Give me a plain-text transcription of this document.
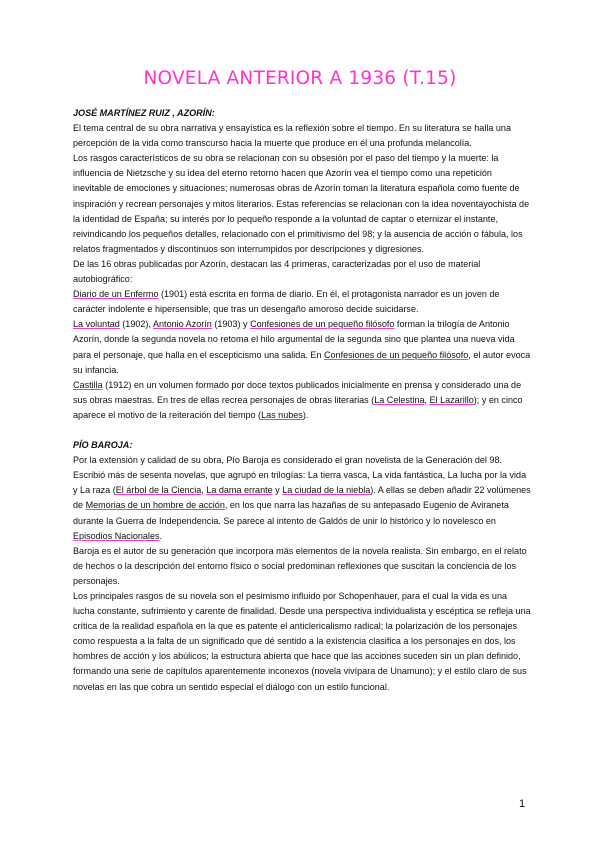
NOVELA ANTERIOR A 1936 (T.15)

JOSÉ MARTÍNEZ RUIZ , AZORÍN:

El tema central de su obra narrativa y ensayística es la reflexión sobre el tiempo. En su literatura se halla una percepción de la vida como transcurso hacia la muerte que produce en él una profunda melancolía.

Los rasgos característicos de su obra se relacionan con su obsesión por el paso del tiempo y la muerte: la influencia de Nietzsche y su idea del eterno retorno hacen que Azorín vea el tiempo como una repetición inevitable de emociones y situaciones; numerosas obras de Azorín toman la literatura española como fuente de inspiración y recrean personajes y mitos literarios. Estas referencias se relacionan con la idea noventayochista de la identidad de España; su interés por lo pequeño responde a la voluntad de captar o eternizar el instante, reivindicando los pequeños detalles, relacionado con el primitivismo del 98; y la ausencia de acción o fábula, los relatos fragmentados y discontinuos son interrumpidos por descripciones y digresiones.

De las 16 obras publicadas por Azorín, destacan las 4 primeras, caracterizadas por el uso de material autobiográfico:

Diario de un Enfermo (1901) está escrita en forma de diario. En él, el protagonista narrador es un joven de carácter indolente e hipersensible, que tras un desengaño amoroso decide suicidarse.

La voluntad (1902), Antonio Azorín (1903) y Confesiones de un pequeño filósofo forman la trilogía de Antonio Azorín, donde la segunda novela no retoma el hilo argumental de la segunda sino que plantea una nueva vida para el personaje, que halla en el escepticismo una salida. En Confesiones de un pequeño filósofo, el autor evoca su infancia.

Castilla (1912) en un volumen formado por doce textos publicados inicialmente en prensa y considerado una de sus obras maestras. En tres de ellas recrea personajes de obras literarias (La Celestina, El Lazarillo); y en cinco aparece el motivo de la reiteración del tiempo (Las nubes).

PÍO BAROJA:

Por la extensión y calidad de su obra, Pío Baroja es considerado el gran novelista de la Generación del 98. Escribió más de sesenta novelas, que agrupó en trilogías: La tierra vasca, La vida fantástica, La lucha por la vida y La raza (El árbol de la Ciencia, La dama errante y La ciudad de la niebla). A ellas se deben añadir 22 volúmenes de Memorias de un hombre de acción, en los que narra las hazañas de su antepasado Eugenio de Aviraneta durante la Guerra de Independencia. Se parece al intento de Galdós de unir lo histórico y lo novelesco en Episodios Nacionales.

Baroja es el autor de su generación que incorpora más elementos de la novela realista. Sin embargo, en el relato de hechos o la descripción del entorno físico o social predominan reflexiones que suscitan la conciencia de los personajes.

Los principales rasgos de su novela son el pesimismo influido por Schopenhauer, para el cual la vida es una lucha constante, sufrimiento y carente de finalidad. Desde una perspectiva individualista y escéptica se refleja una crítica de la realidad española en la que es patente el anticlericalismo radical; la polarización de los personajes como respuesta a la falta de un significado que dé sentido a la existencia clasifica a los personajes en dos, los hombres de acción y los abúlicos; la estructura abierta que hace que las acciones suceden sin un plan definido, formando una serie de capítulos aparentemente inconexos (novela vivípara de Unamuno); y el estilo claro de sus novelas en las que cobra un sentido especial el diálogo con un estilo funcional.

1
